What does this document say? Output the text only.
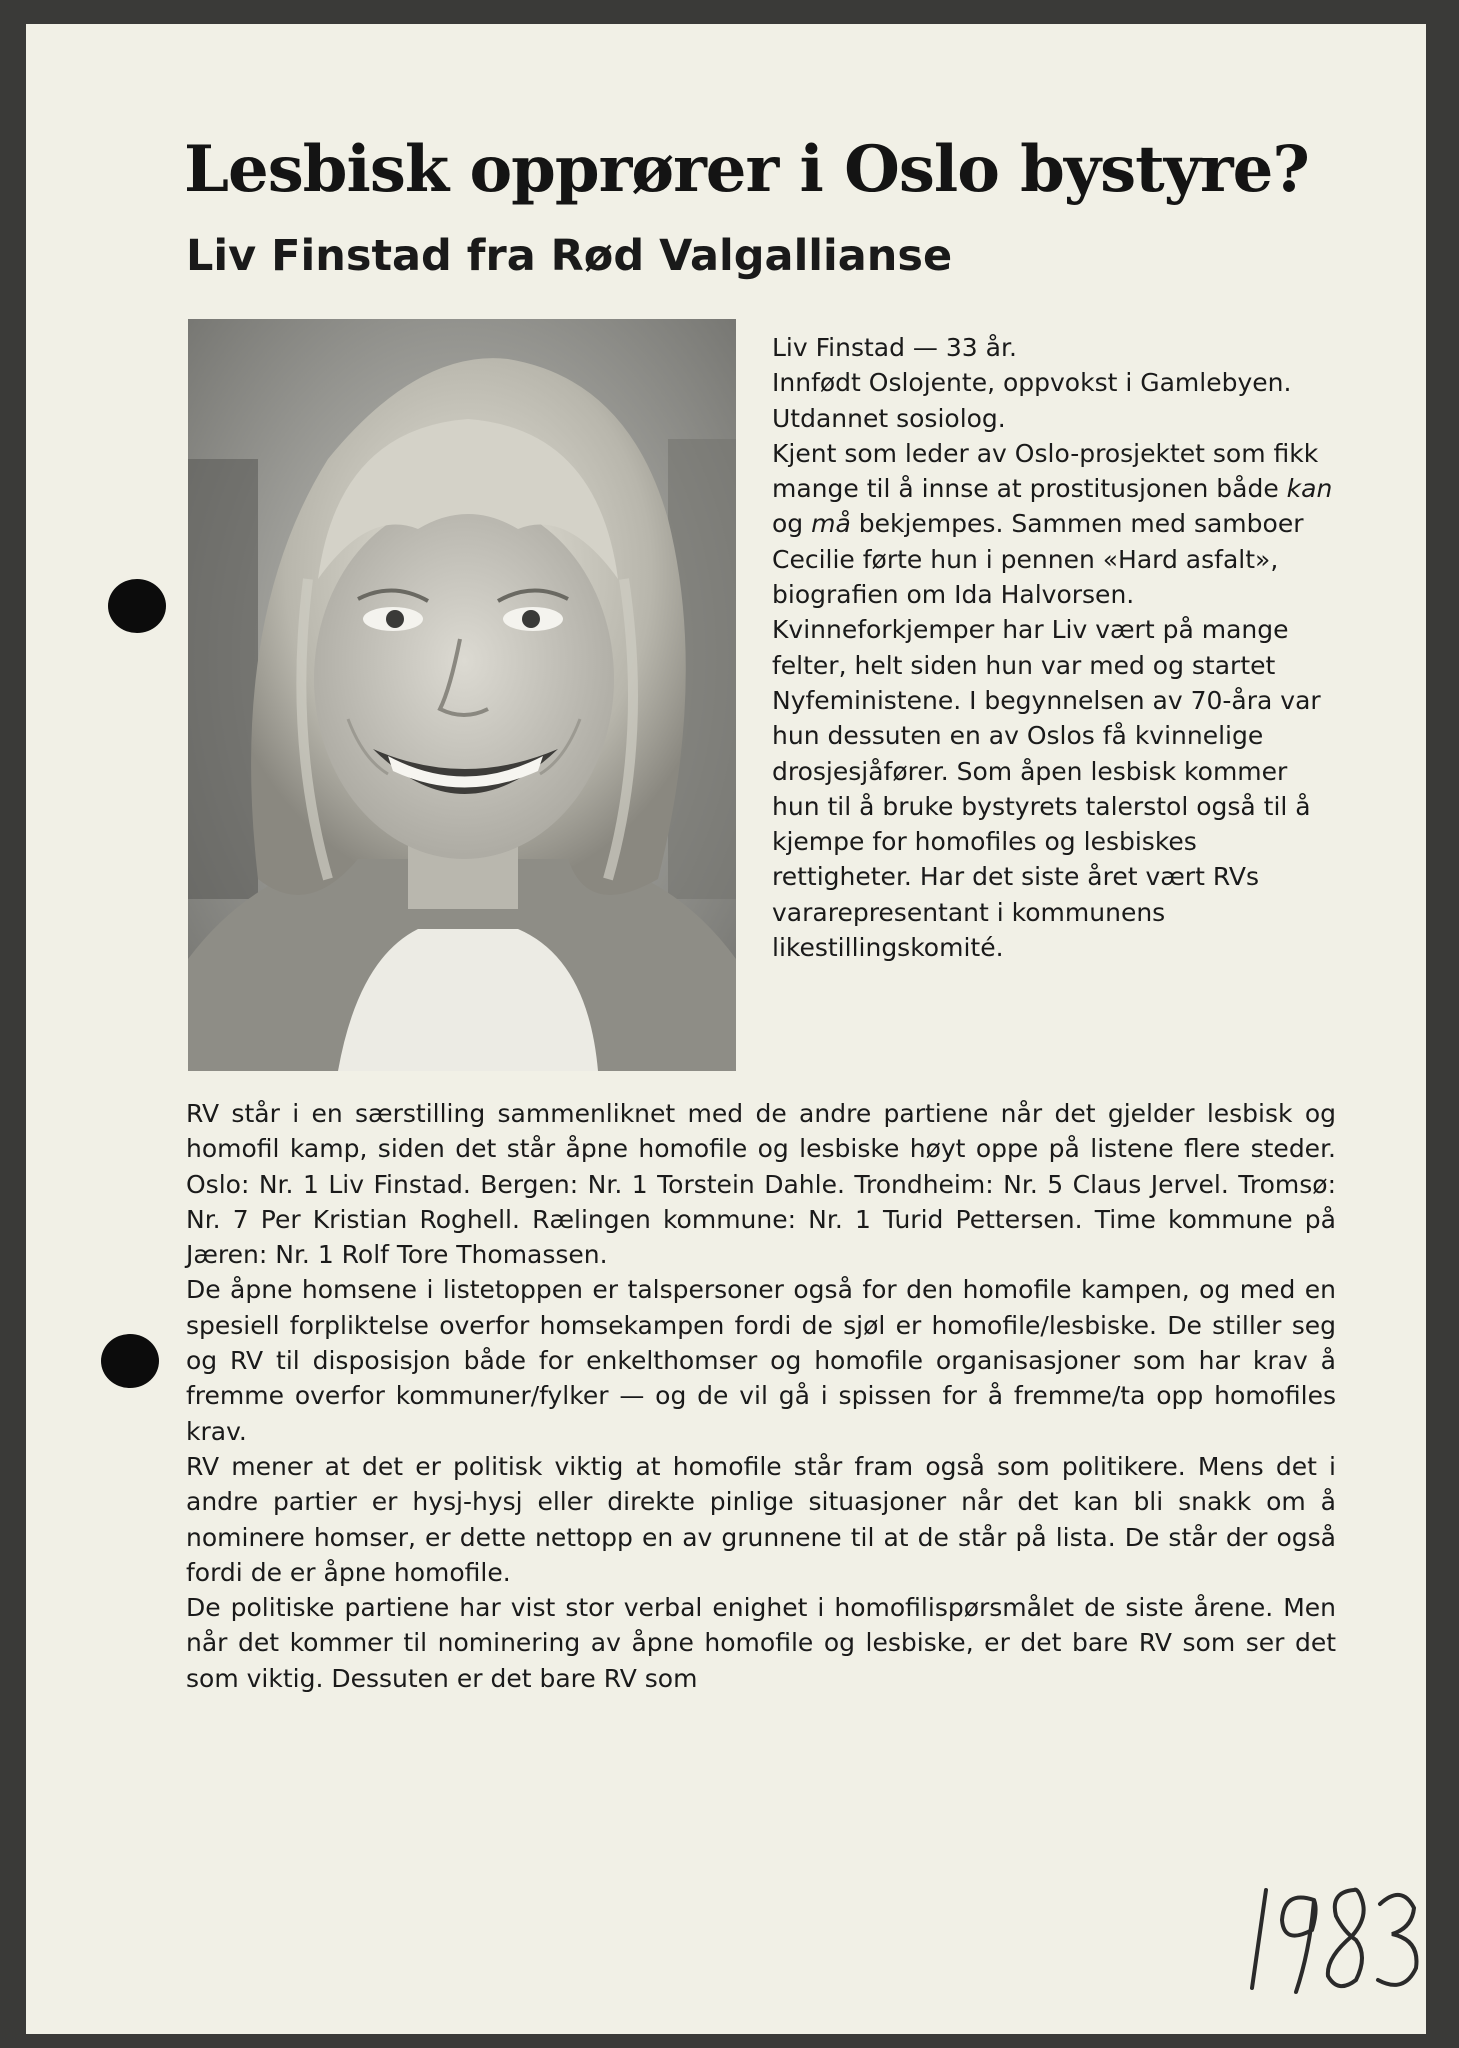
Lesbisk opprører i Oslo bystyre?
Liv Finstad fra Rød Valgallianse

Liv Finstad — 33 år.

Innfødt Oslojente, oppvokst i Gamlebyen. Utdannet sosiolog.

Kjent som leder av Oslo-prosjektet som fikk mange til å innse at prostitusjonen både kan og må bekjempes. Sammen med samboer Cecilie førte hun i pennen «Hard asfalt», biografien om Ida Halvorsen. Kvinneforkjemper har Liv vært på mange felter, helt siden hun var med og startet Nyfeministene. I begynnelsen av 70-åra var hun dessuten en av Oslos få kvinnelige drosjesjåfører. Som åpen lesbisk kommer hun til å bruke bystyrets talerstol også til å kjempe for homofiles og lesbiskes rettigheter. Har det siste året vært RVs vararepresentant i kommunens likestillingskomité.

RV står i en særstilling sammenliknet med de andre partiene når det gjelder lesbisk og homofil kamp, siden det står åpne homofile og lesbiske høyt oppe på listene flere steder. Oslo: Nr. 1 Liv Finstad. Bergen: Nr. 1 Torstein Dahle. Trondheim: Nr. 5 Claus Jervel. Tromsø: Nr. 7 Per Kristian Roghell. Rælingen kommune: Nr. 1 Turid Pettersen. Time kommune på Jæren: Nr. 1 Rolf Tore Thomassen.

De åpne homsene i listetoppen er talspersoner også for den homofile kampen, og med en spesiell forpliktelse overfor homsekampen fordi de sjøl er homofile/lesbiske. De stiller seg og RV til disposisjon både for enkelthomser og homofile organisasjoner som har krav å fremme overfor kommuner/fylker — og de vil gå i spissen for å fremme/ta opp homofiles krav.

RV mener at det er politisk viktig at homofile står fram også som politikere. Mens det i andre partier er hysj-hysj eller direkte pinlige situasjoner når det kan bli snakk om å nominere homser, er dette nettopp en av grunnene til at de står på lista. De står der også fordi de er åpne homofile.

De politiske partiene har vist stor verbal enighet i homofilispørsmålet de siste årene. Men når det kommer til nominering av åpne homofile og lesbiske, er det bare RV som ser det som viktig. Dessuten er det bare RV som
